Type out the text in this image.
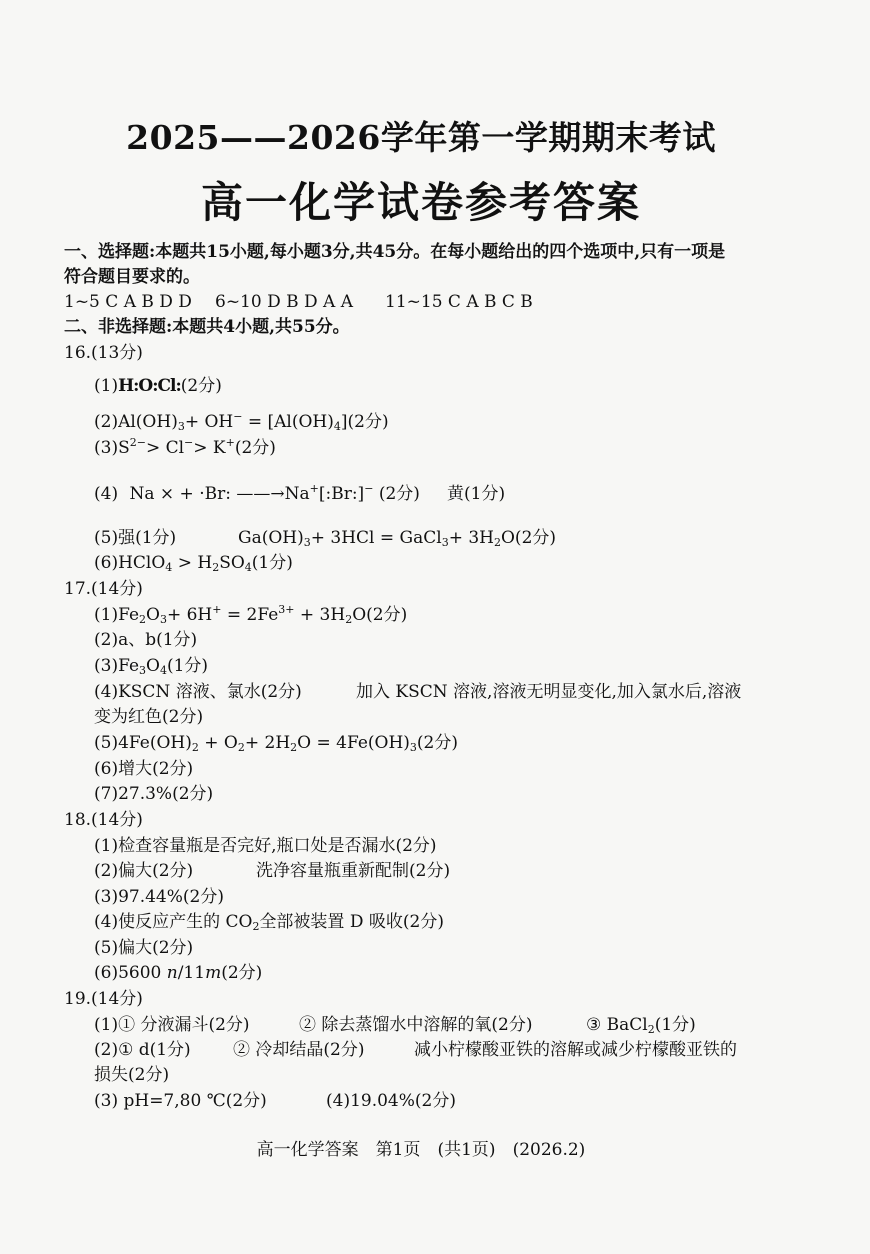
2025——2026学年第一学期期末考试
高一化学试卷参考答案
一、选择题:本题共15小题,每小题3分,共45分。在每小题给出的四个选项中,只有一项是
符合题目要求的。
1~5 C A B D D 6~10 D B D A A 11~15 C A B C B
二、非选择题:本题共4小题,共55分。
16.(13分)
(1)H:O:Cl:(2分)
$(2)Al(OH)_3+ OH^- = [Al(OH)_4](2$分)
$(3)S^{2-}> Cl^-> K^+(2$分)
(4) Na × + ·Br: ——→Na+[:Br:]− (2分) 黄(1分)
(5)强(1分)	$Ga(OH)_3+ 3HCl$ = GaCl$_3$+ $3H_2O(2$分)
(6)HClO$_4$ > $H_2SO_4(1$分)
17.(14分)
$(1)Fe_2O_3+ 6H^+ = 2Fe^{3+} + 3H_2O(2$分)
(2)a、b(1分)
$(3)Fe_3O_4(1$分)
(4)KSCN 溶液、氯水(2分)	加入 KSCN 溶液,溶液无明显变化,加入氯水后,溶液
变为红色(2分)
$(5)4Fe(OH)_2 + O_2+ 2H_2O = 4Fe(OH)_3(2$分)
(6)增大(2分)
(7)27.3%(2分)
18.(14分)
(1)检查容量瓶是否完好,瓶口处是否漏水(2分)
(2)偏大(2分)	洗净容量瓶重新配制(2分)
(3)97.44%(2分)
(4)使反应产生的 $CO_2$全部被装置 D 吸收(2分)
(5)偏大(2分)
(6)5600 n/11m(2分)
19.(14分)
(1)① 分液漏斗(2分)	② 除去蒸馏水中溶解的氧(2分)	③ BaCl$_2$(1分)
(2)① d(1分) ② 冷却结晶(2分)	减小柠檬酸亚铁的溶解或减少柠檬酸亚铁的
损失(2分)
(3) pH=7,80 ℃(2分)	(4)19.04%(2分)
高一化学答案　第1页　(共1页)　(2026.2)
